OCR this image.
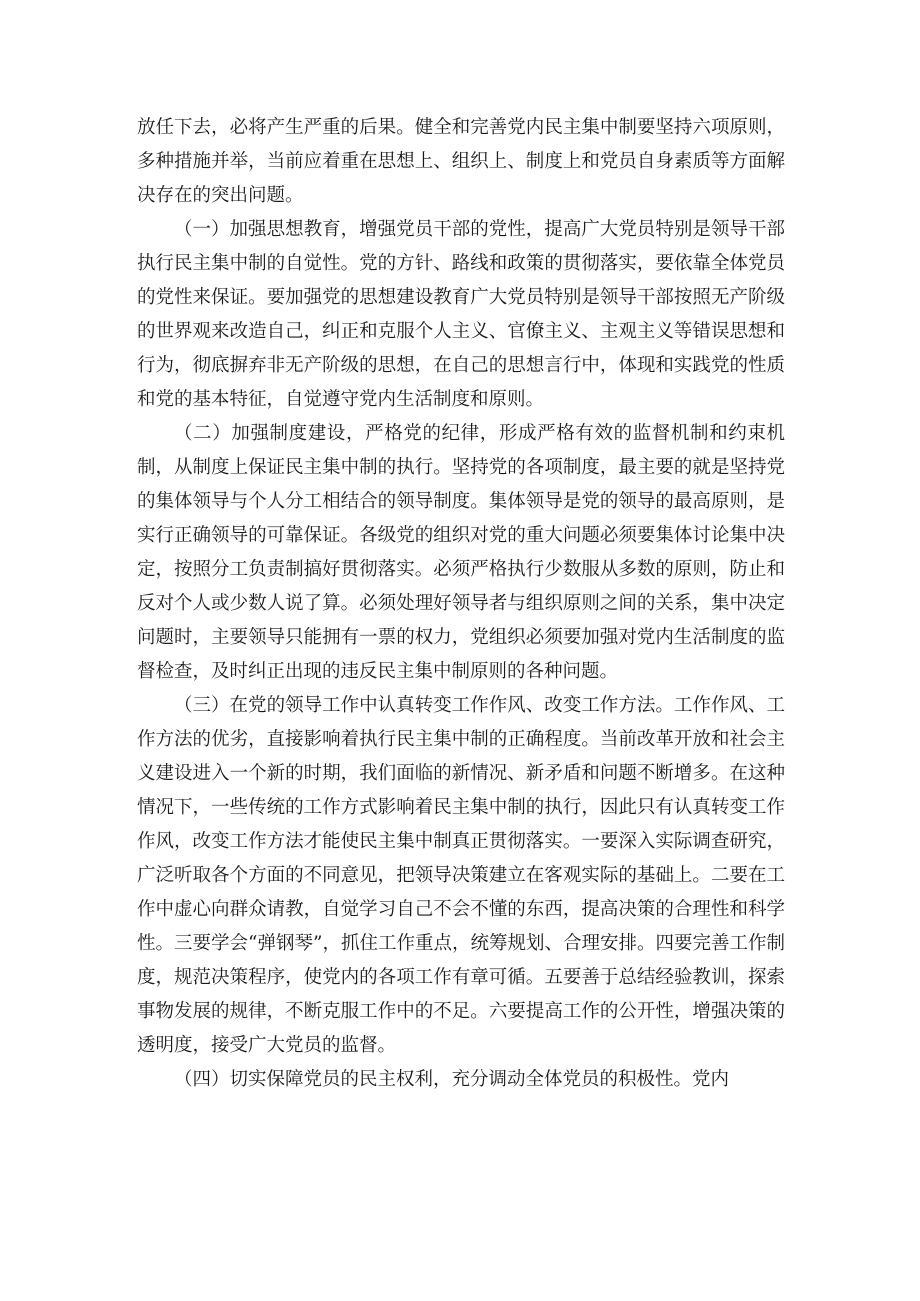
放任下去，必将产生严重的后果。健全和完善党内民主集中制要坚持六项原则，多种措施并举，当前应着重在思想上、组织上、制度上和党员自身素质等方面解决存在的突出问题。

（一）加强思想教育，增强党员干部的党性，提高广大党员特别是领导干部执行民主集中制的自觉性。党的方针、路线和政策的贯彻落实，要依靠全体党员的党性来保证。要加强党的思想建设教育广大党员特别是领导干部按照无产阶级的世界观来改造自己，纠正和克服个人主义、官僚主义、主观主义等错误思想和行为，彻底摒弃非无产阶级的思想，在自己的思想言行中，体现和实践党的性质和党的基本特征，自觉遵守党内生活制度和原则。

（二）加强制度建设，严格党的纪律，形成严格有效的监督机制和约束机制，从制度上保证民主集中制的执行。坚持党的各项制度，最主要的就是坚持党的集体领导与个人分工相结合的领导制度。集体领导是党的领导的最高原则，是实行正确领导的可靠保证。各级党的组织对党的重大问题必须要集体讨论集中决定，按照分工负责制搞好贯彻落实。必须严格执行少数服从多数的原则，防止和反对个人或少数人说了算。必须处理好领导者与组织原则之间的关系，集中决定问题时，主要领导只能拥有一票的权力，党组织必须要加强对党内生活制度的监督检查，及时纠正出现的违反民主集中制原则的各种问题。

（三）在党的领导工作中认真转变工作作风、改变工作方法。工作作风、工作方法的优劣，直接影响着执行民主集中制的正确程度。当前改革开放和社会主义建设进入一个新的时期，我们面临的新情况、新矛盾和问题不断增多。在这种情况下，一些传统的工作方式影响着民主集中制的执行，因此只有认真转变工作作风，改变工作方法才能使民主集中制真正贯彻落实。一要深入实际调查研究，广泛听取各个方面的不同意见，把领导决策建立在客观实际的基础上。二要在工作中虚心向群众请教，自觉学习自己不会不懂的东西，提高决策的合理性和科学性。三要学会“弹钢琴”，抓住工作重点，统筹规划、合理安排。四要完善工作制度，规范决策程序，使党内的各项工作有章可循。五要善于总结经验教训，探索事物发展的规律，不断克服工作中的不足。六要提高工作的公开性，增强决策的透明度，接受广大党员的监督。

（四）切实保障党员的民主权利，充分调动全体党员的积极性。党内
